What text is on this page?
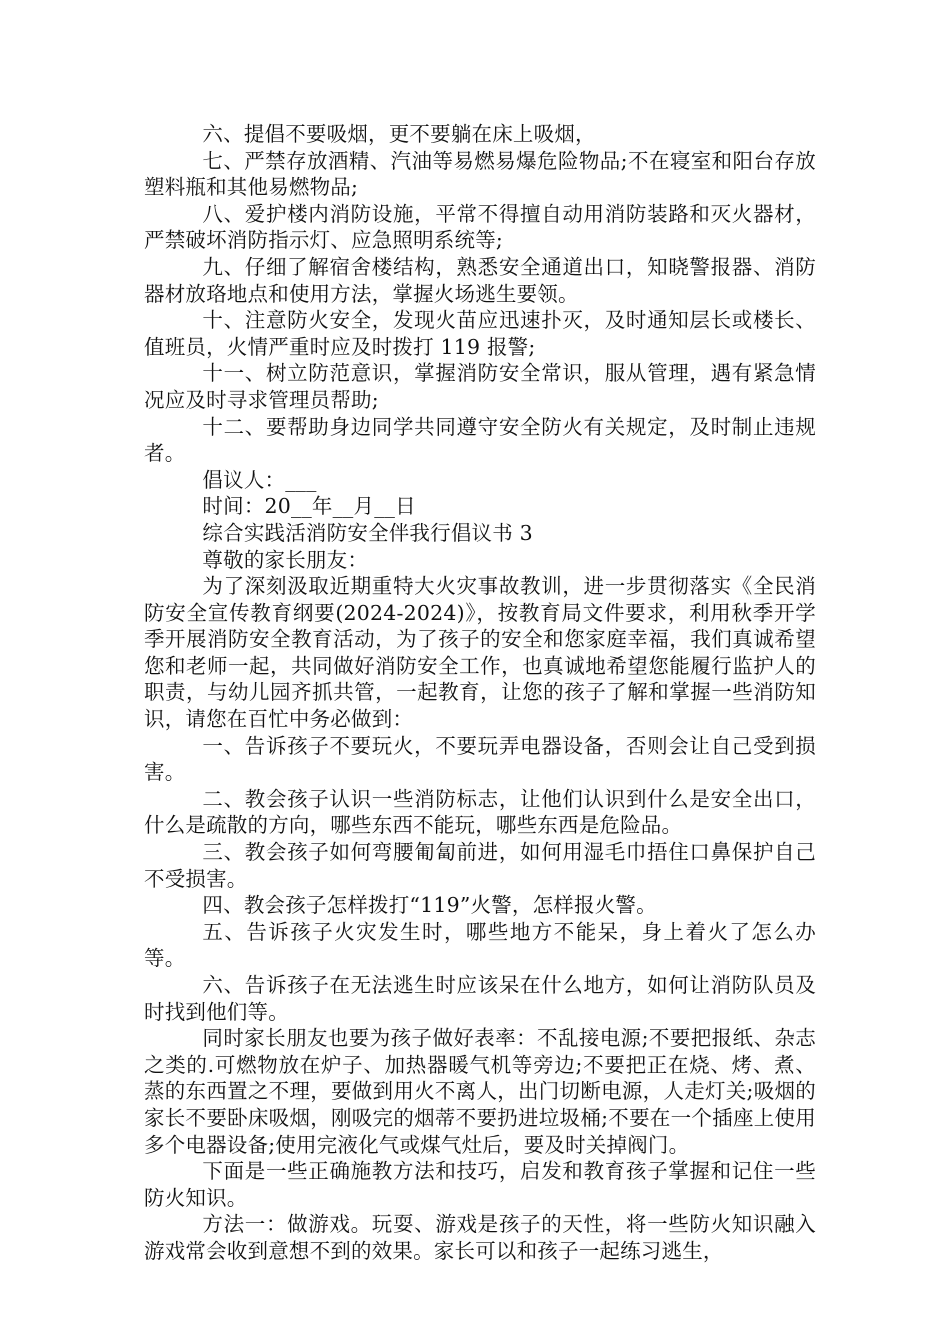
六、提倡不要吸烟，更不要躺在床上吸烟，

七、严禁存放酒精、汽油等易燃易爆危险物品;不在寝室和阳台存放塑料瓶和其他易燃物品;

八、爱护楼内消防设施，平常不得擅自动用消防装路和灭火器材，严禁破坏消防指示灯、应急照明系统等;

九、仔细了解宿舍楼结构，熟悉安全通道出口，知晓警报器、消防器材放珞地点和使用方法，掌握火场逃生要领。

十、注意防火安全，发现火苗应迅速扑灭，及时通知层长或楼长、值班员，火情严重时应及时拨打 119 报警;

十一、树立防范意识，掌握消防安全常识，服从管理，遇有紧急情况应及时寻求管理员帮助;

十二、要帮助身边同学共同遵守安全防火有关规定，及时制止违规者。

倡议人：___

时间：20__年__月__日

综合实践活消防安全伴我行倡议书 3

尊敬的家长朋友：

为了深刻汲取近期重特大火灾事故教训，进一步贯彻落实《全民消防安全宣传教育纲要(2024-2024)》，按教育局文件要求，利用秋季开学季开展消防安全教育活动，为了孩子的安全和您家庭幸福，我们真诚希望您和老师一起，共同做好消防安全工作，也真诚地希望您能履行监护人的职责，与幼儿园齐抓共管，一起教育，让您的孩子了解和掌握一些消防知识，请您在百忙中务必做到：

一、告诉孩子不要玩火，不要玩弄电器设备，否则会让自己受到损害。

二、教会孩子认识一些消防标志，让他们认识到什么是安全出口，什么是疏散的方向，哪些东西不能玩，哪些东西是危险品。

三、教会孩子如何弯腰匍匐前进，如何用湿毛巾捂住口鼻保护自己不受损害。

四、教会孩子怎样拨打“119”火警，怎样报火警。

五、告诉孩子火灾发生时，哪些地方不能呆，身上着火了怎么办等。

六、告诉孩子在无法逃生时应该呆在什么地方，如何让消防队员及时找到他们等。

同时家长朋友也要为孩子做好表率：不乱接电源;不要把报纸、杂志之类的.可燃物放在炉子、加热器暖气机等旁边;不要把正在烧、烤、煮、蒸的东西置之不理，要做到用火不离人，出门切断电源，人走灯关;吸烟的家长不要卧床吸烟，刚吸完的烟蒂不要扔进垃圾桶;不要在一个插座上使用多个电器设备;使用完液化气或煤气灶后，要及时关掉阀门。

下面是一些正确施教方法和技巧，启发和教育孩子掌握和记住一些防火知识。

方法一：做游戏。玩耍、游戏是孩子的天性，将一些防火知识融入游戏常会收到意想不到的效果。家长可以和孩子一起练习逃生，
